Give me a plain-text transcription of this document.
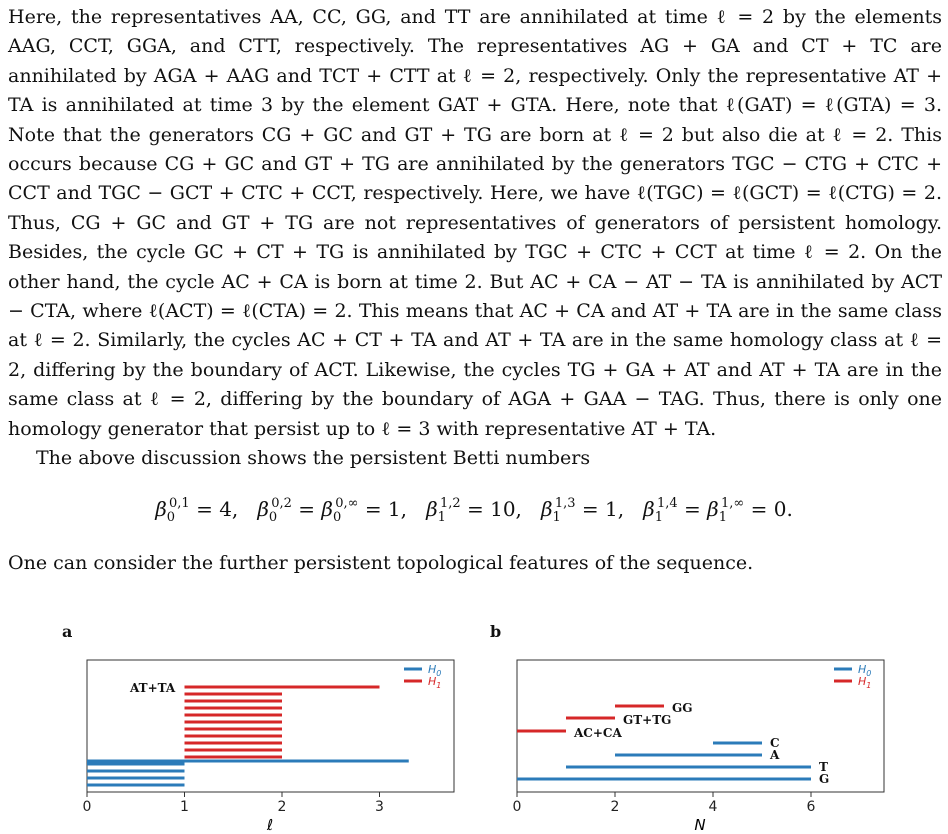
Here, the representatives AA, CC, GG, and TT are annihilated at time ℓ = 2 by the elements AAG, CCT, GGA, and CTT, respectively. The representatives AG + GA and CT + TC are annihilated by AGA + AAG and TCT + CTT at ℓ = 2, respectively. Only the representative AT + TA is annihilated at time 3 by the element GAT + GTA. Here, note that ℓ(GAT) = ℓ(GTA) = 3. Note that the generators CG + GC and GT + TG are born at ℓ = 2 but also die at ℓ = 2. This occurs because CG + GC and GT + TG are annihilated by the generators TGC − CTG + CTC + CCT and TGC − GCT + CTC + CCT, respectively. Here, we have ℓ(TGC) = ℓ(GCT) = ℓ(CTG) = 2. Thus, CG + GC and GT + TG are not representatives of generators of persistent homology. Besides, the cycle GC + CT + TG is annihilated by TGC + CTC + CCT at time ℓ = 2. On the other hand, the cycle AC + CA is born at time 2. But AC + CA − AT − TA is annihilated by ACT − CTA, where ℓ(ACT) = ℓ(CTA) = 2. This means that AC + CA and AT + TA are in the same class at ℓ = 2. Similarly, the cycles AC + CT + TA and AT + TA are in the same homology class at ℓ = 2, differing by the boundary of ACT. Likewise, the cycles TG + GA + AT and AT + TA are in the same class at ℓ = 2, differing by the boundary of AGA + GAA − TAG. Thus, there is only one homology generator that persist up to ℓ = 3 with representative AT + TA.

The above discussion shows the persistent Betti numbers

$\beta_0^{0,1} = 4$, $\beta_0^{0,2} = \beta_0^{0,\infty} = 1$, $\beta_1^{1,2} = 10$, $\beta_1^{1,3} = 1$, $\beta_1^{1,4} = \beta_1^{1,\infty} = 0$.
One can consider the further persistent topological features of the sequence.
a	b
0	1	2	3
ℓ
AT+TA
$H_0$
$H_1$
GG
GT+TG
AC+CA
C
A
T
G
0	2	4	6
N
$H_0$
$H_1$
